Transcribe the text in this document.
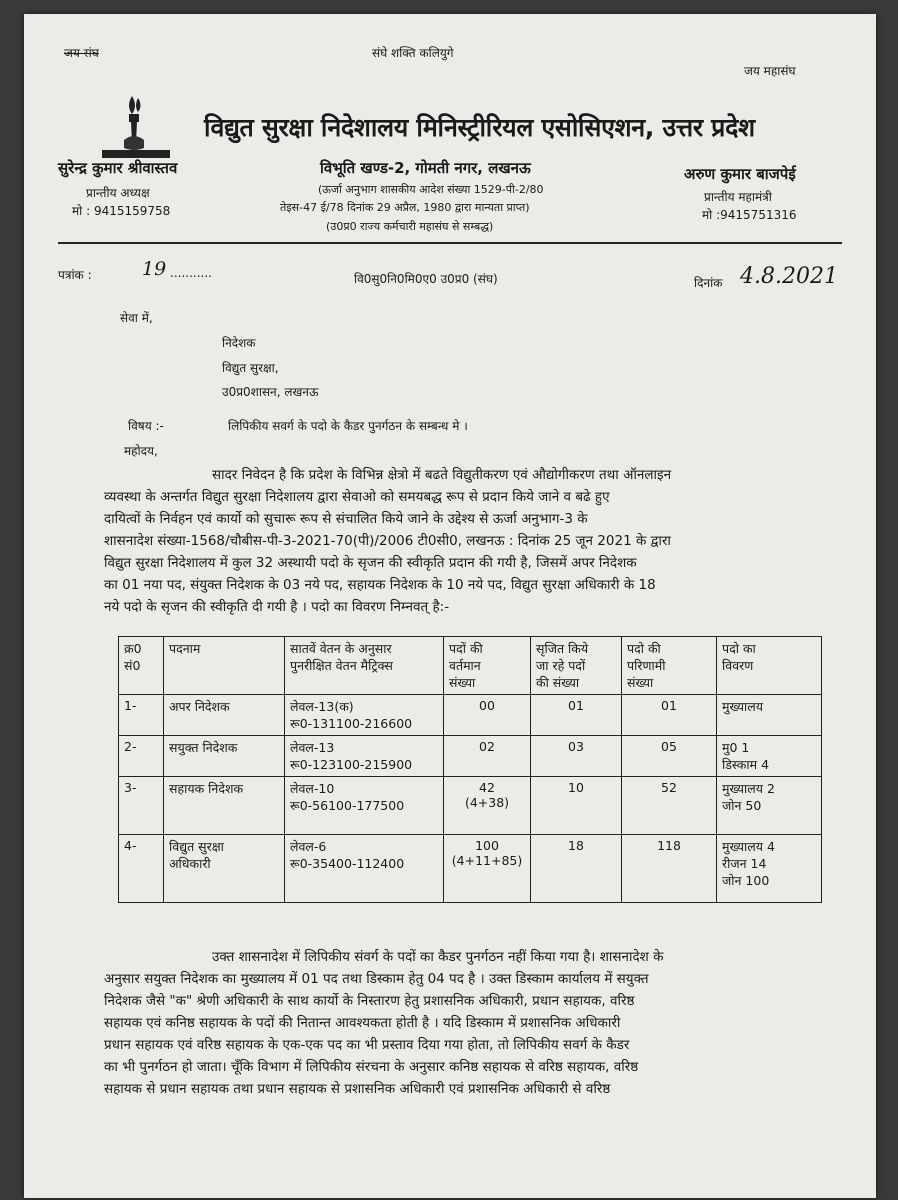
जय संघ	संघे शक्ति कलियुगे
जय महासंघ
विद्युत सुरक्षा निदेशालय मिनिस्ट्रीरियल एसोसिएशन, उत्तर प्रदेश
सुरेन्द्र कुमार श्रीवास्तव
प्रान्तीय अध्यक्ष
मो : 9415159758
विभूति खण्ड-2, गोमती नगर, लखनऊ
(ऊर्जा अनुभाग शासकीय आदेश संख्या 1529-पी-2/80
तेइस-47 ई/78 दिनांक 29 अप्रैल, 1980 द्वारा मान्यता प्राप्त)
(उ0प्र0 राज्य कर्मचारी महासंघ से सम्बद्ध)
अरुण कुमार बाजपेई
प्रान्तीय महामंत्री
मो :9415751316
पत्रांक :	19 ...........	वि0सु0नि0मि0ए0 उ0प्र0 (संघ)	दिनांक 4.8.2021
सेवा में,
निदेशक
विद्युत सुरक्षा,
उ0प्र0शासन, लखनऊ
विषय :-	लिपिकीय सवर्ग के पदो के कैडर पुनर्गठन के सम्बन्ध मे ।
महोदय,
सादर निवेदन है कि प्रदेश के विभिन्न क्षेत्रो में बढते विद्युतीकरण एवं औद्योगीकरण तथा ऑनलाइन
व्यवस्था के अन्तर्गत विद्युत सुरक्षा निदेशालय द्वारा सेवाओ को समयबद्ध रूप से प्रदान किये जाने व बढे हुए
दायित्वों के निर्वहन एवं कार्यो को सुचारू रूप से संचालित किये जाने के उद्देश्य से ऊर्जा अनुभाग-3 के
शासनादेश संख्या-1568/चौबीस-पी-3-2021-70(पी)/2006 टी0सी0, लखनऊ : दिनांक 25 जून 2021 के द्वारा
विद्युत सुरक्षा निदेशालय में कुल 32 अस्थायी पदो के सृजन की स्वीकृति प्रदान की गयी है, जिसमें अपर निदेशक
का 01 नया पद, संयुक्त निदेशक के 03 नये पद, सहायक निदेशक के 10 नये पद, विद्युत सुरक्षा अधिकारी के 18
नये पदो के सृजन की स्वीकृति दी गयी है । पदो का विवरण निम्नवत् है:-
क्र0
सं0	पदनाम	सातवें वेतन के अनुसार
पुनरीक्षित वेतन मैट्रिक्स	पदों की
वर्तमान
संख्या	सृजित किये
जा रहे पदों
की संख्या	पदो की
परिणामी
संख्या	पदो का
विवरण

1-	अपर निदेशक	लेवल-13(क)
रू0-131100-216600	00	01	01	मुख्यालय

2-	सयुक्त निदेशक	लेवल-13
रू0-123100-215900	02	03	05	मु0 1
डिस्काम 4

3-	सहायक निदेशक	लेवल-10
रू0-56100-177500	42
(4+38)	10	52	मुख्यालय 2
जोन 50

4-	विद्युत सुरक्षा
अधिकारी	लेवल-6
रू0-35400-112400	100
(4+11+85)	18	118	मुख्यालय 4
रीजन 14
जोन 100
उक्त शासनादेश में लिपिकीय संवर्ग के पदों का कैडर पुनर्गठन नहीं किया गया है। शासनादेश के
अनुसार सयुक्त निदेशक का मुख्यालय में 01 पद तथा डिस्काम हेतु 04 पद है । उक्त डिस्काम कार्यालय में सयुक्त
निदेशक जैसे "क" श्रेणी अधिकारी के साथ कार्यो के निस्तारण हेतु प्रशासनिक अधिकारी, प्रधान सहायक, वरिष्ठ
सहायक एवं कनिष्ठ सहायक के पदों की नितान्त आवश्यकता होती है । यदि डिस्काम में प्रशासनिक अधिकारी
प्रधान सहायक एवं वरिष्ठ सहायक के एक-एक पद का भी प्रस्ताव दिया गया होता, तो लिपिकीय सवर्ग के कैडर
का भी पुनर्गठन हो जाता। चूँकि विभाग में लिपिकीय संरचना के अनुसार कनिष्ठ सहायक से वरिष्ठ सहायक, वरिष्ठ
सहायक से प्रधान सहायक तथा प्रधान सहायक से प्रशासनिक अधिकारी एवं प्रशासनिक अधिकारी से वरिष्ठ
